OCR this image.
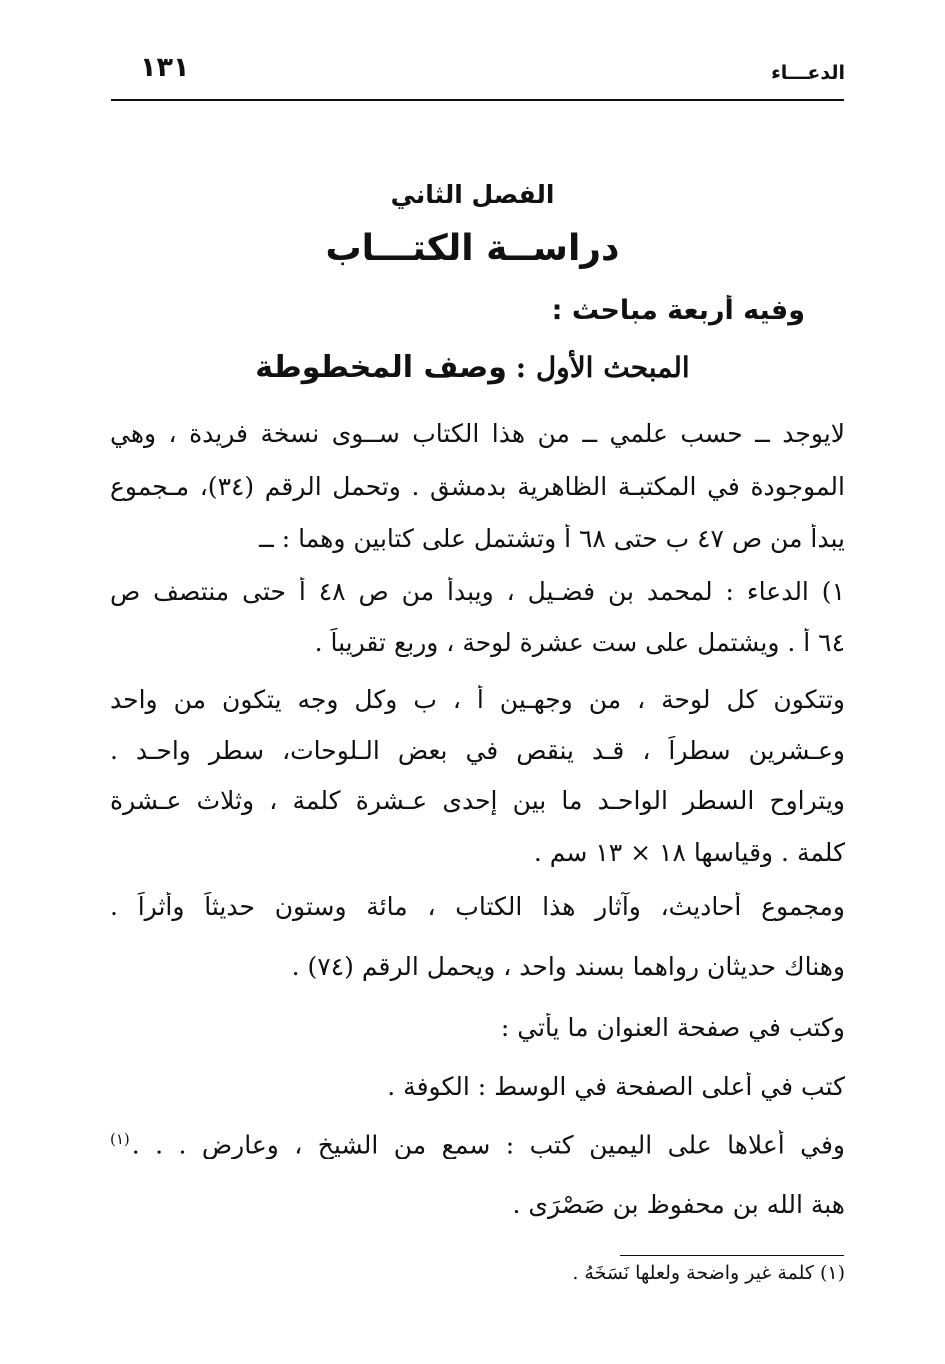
الدعـــاء
١٣١
الفصل الثاني
دراســة الكتـــاب
وفيه أربعة مباحث :
المبحث الأول : وصف المخطوطة
لايوجد ــ حسب علمي ــ من هذا الكتاب ســوى نسخة فريدة ، وهي
الموجودة في المكتبـة الظاهرية بدمشق . وتحمل الرقم (٣٤)، مـجموع
يبدأ من ص ٤٧ ب حتى ٦٨ أ وتشتمل على كتابين وهما : ــ
١) الدعاء : لمحمد بن فضـيل ، ويبدأ من ص ٤٨ أ حتى منتصف ص
٦٤ أ . ويشتمل على ست عشرة لوحة ، وربع تقريباً .
وتتكون كل لوحة ، من وجهـين أ ، ب وكل وجه يتكون من واحد
وعـشرين سطراً ، قـد ينقص في بعض الـلوحات، سطر واحـد .
ويتراوح السطر الواحـد ما بين إحدى عـشرة كلمة ، وثلاث عـشرة
كلمة . وقياسها ١٨ × ١٣ سم .
ومجموع أحاديث، وآثار هذا الكتاب ، مائة وستون حديثاً وأثراً .
وهناك حديثان رواهما بسند واحد ، ويحمل الرقم (٧٤) .
وكتب في صفحة العنوان ما يأتي :
كتب في أعلى الصفحة في الوسط : الكوفة .
وفي أعلاها على اليمين كتب : سمع من الشيخ ، وعارض . . .$^{(١)}$
هبة الله بن محفوظ بن صَصْرَى .
(١) كلمة غير واضحة ولعلها نَسَخَهُ .
